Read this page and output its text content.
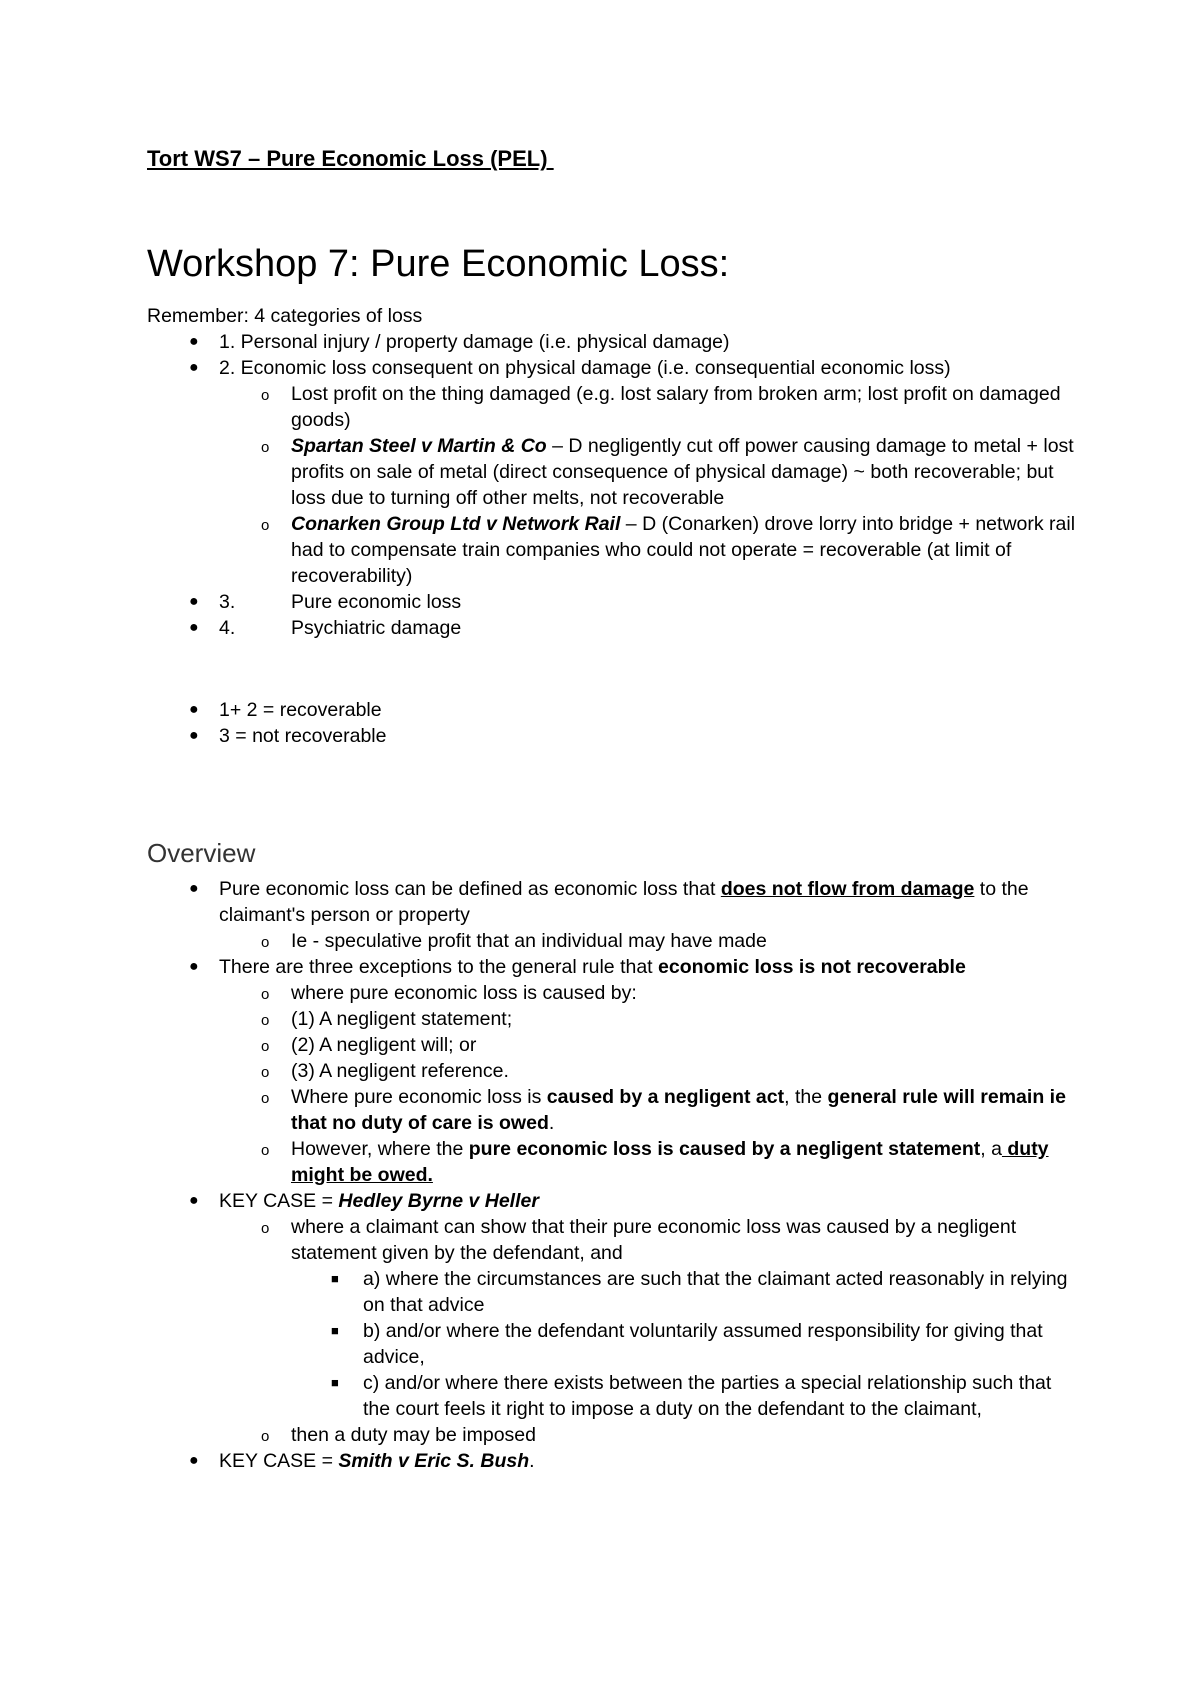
Tort WS7 – Pure Economic Loss (PEL)
Workshop 7: Pure Economic Loss:
Remember: 4 categories of loss
● 1. Personal injury / property damage (i.e. physical damage)
● 2. Economic loss consequent on physical damage (i.e. consequential economic loss)
o Lost profit on the thing damaged (e.g. lost salary from broken arm; lost profit on damaged goods)
o Spartan Steel v Martin & Co – D negligently cut off power causing damage to metal + lost profits on sale of metal (direct consequence of physical damage) ~ both recoverable; but loss due to turning off other melts, not recoverable
o Conarken Group Ltd v Network Rail – D (Conarken) drove lorry into bridge + network rail had to compensate train companies who could not operate = recoverable (at limit of recoverability)
● 3.	Pure economic loss
● 4.	Psychiatric damage
● 1+ 2 = recoverable
● 3 = not recoverable
Overview
● Pure economic loss can be defined as economic loss that does not flow from damage to the claimant's person or property
o Ie - speculative profit that an individual may have made
● There are three exceptions to the general rule that economic loss is not recoverable
o where pure economic loss is caused by:
o (1) A negligent statement;
o (2) A negligent will; or
o (3) A negligent reference.
o Where pure economic loss is caused by a negligent act, the general rule will remain ie that no duty of care is owed.
o However, where the pure economic loss is caused by a negligent statement, a duty might be owed.
● KEY CASE = Hedley Byrne v Heller
o where a claimant can show that their pure economic loss was caused by a negligent statement given by the defendant, and
■ a) where the circumstances are such that the claimant acted reasonably in relying on that advice
■ b) and/or where the defendant voluntarily assumed responsibility for giving that advice,
■ c) and/or where there exists between the parties a special relationship such that the court feels it right to impose a duty on the defendant to the claimant,
o then a duty may be imposed
● KEY CASE = Smith v Eric S. Bush.
